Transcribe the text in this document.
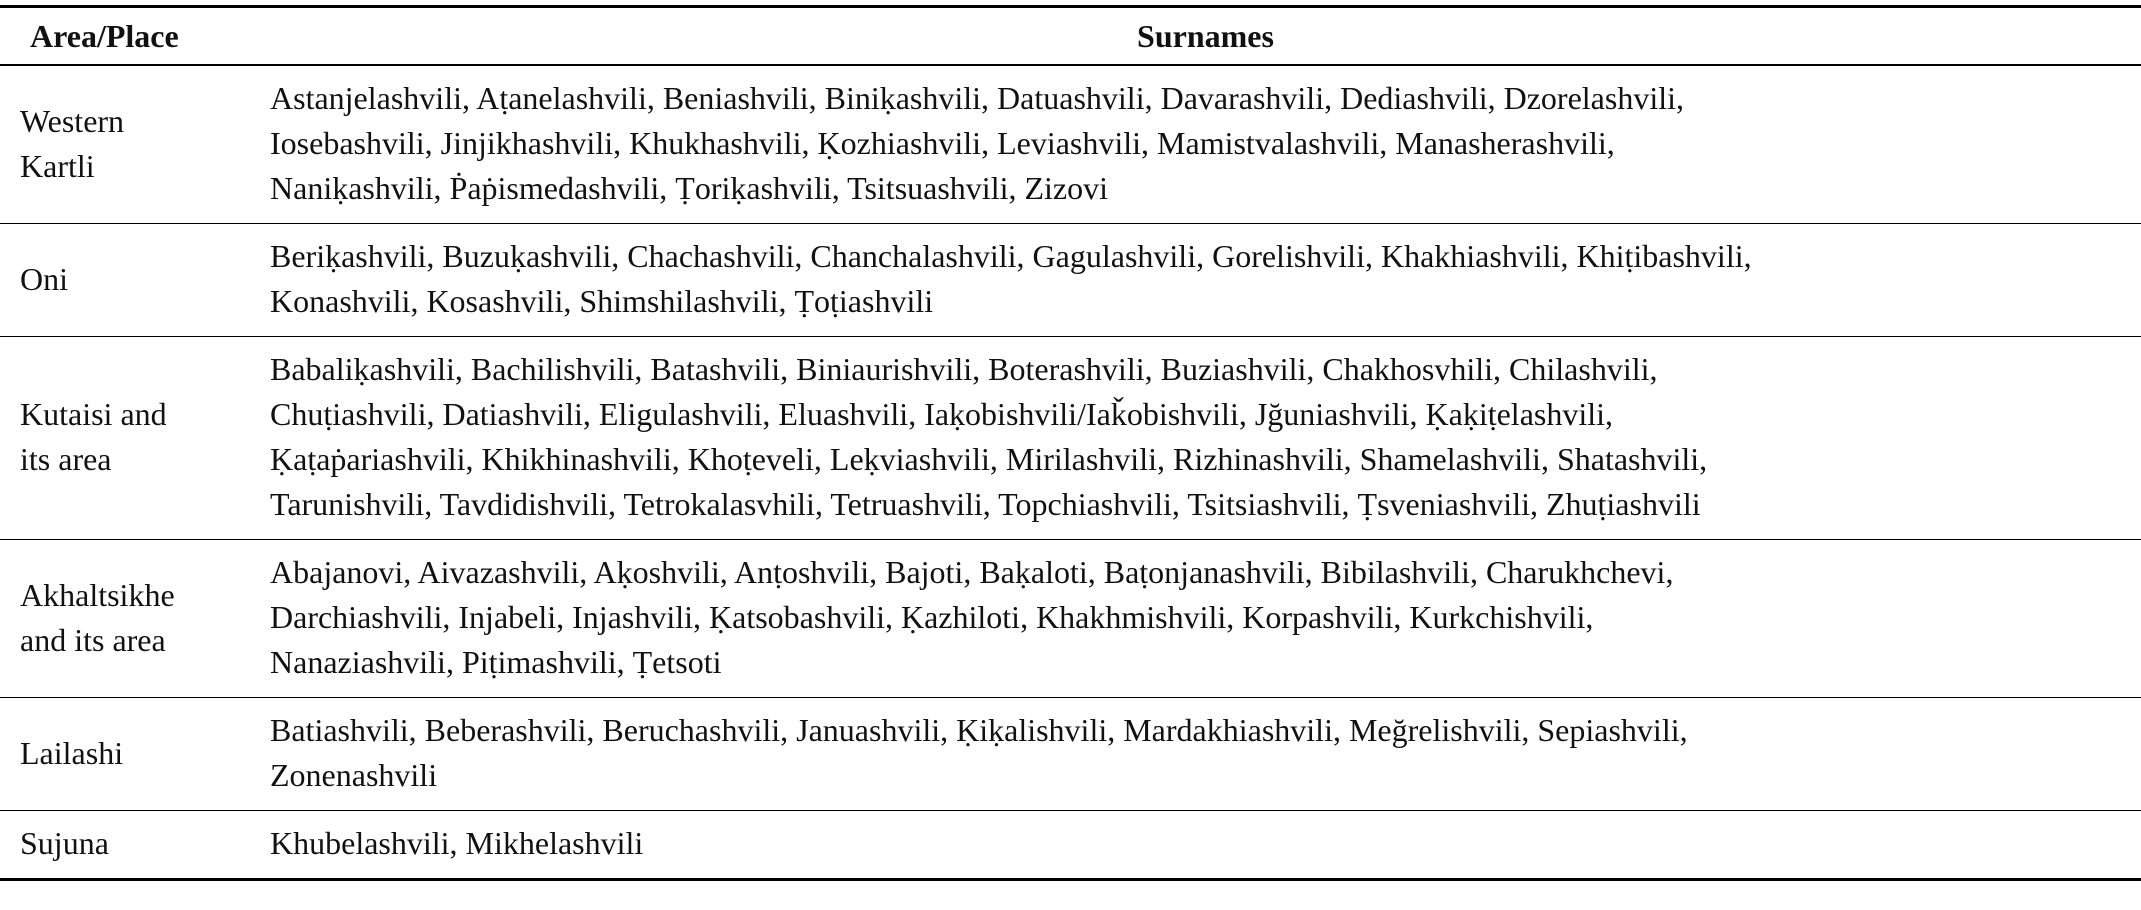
Area/Place	Surnames

Western
Kartli	Astanjelashvili, Aṭanelashvili, Beniashvili, Biniḳashvili, Datuashvili, Davarashvili, Dediashvili, Dzorelashvili,
Iosebashvili, Jinjikhashvili, Khukhashvili, Ḳozhiashvili, Leviashvili, Mamistvalashvili, Manasherashvili,
Naniḳashvili, Ṗaṗismedashvili, Ṭoriḳashvili, Tsitsuashvili, Zizovi

Oni	Beriḳashvili, Buzuḳashvili, Chachashvili, Chanchalashvili, Gagulashvili, Gorelishvili, Khakhiashvili, Khiṭibashvili,
Konashvili, Kosashvili, Shimshilashvili, Ṭoṭiashvili

Kutaisi and
its area	Babaliḳashvili, Bachilishvili, Batashvili, Biniaurishvili, Boterashvili, Buziashvili, Chakhosvhili, Chilashvili,
Chuṭiashvili, Datiashvili, Eligulashvili, Eluashvili, Iaḳobishvili/Iaǩobishvili, Jğuniashvili, Ḳaḳiṭelashvili,
Ḳaṭaṗariashvili, Khikhinashvili, Khoṭeveli, Leḳviashvili, Mirilashvili, Rizhinashvili, Shamelashvili, Shatashvili,
Tarunishvili, Tavdidishvili, Tetrokalasvhili, Tetruashvili, Topchiashvili, Tsitsiashvili, Ṭsveniashvili, Zhuṭiashvili

Akhaltsikhe
and its area	Abajanovi, Aivazashvili, Aḳoshvili, Anṭoshvili, Bajoti, Baḳaloti, Baṭonjanashvili, Bibilashvili, Charukhchevi,
Darchiashvili, Injabeli, Injashvili, Ḳatsobashvili, Ḳazhiloti, Khakhmishvili, Korpashvili, Kurkchishvili,
Nanaziashvili, Piṭimashvili, Ṭetsoti

Lailashi	Batiashvili, Beberashvili, Beruchashvili, Januashvili, Ḳiḳalishvili, Mardakhiashvili, Meğrelishvili, Sepiashvili,
Zonenashvili

Sujuna	Khubelashvili, Mikhelashvili
